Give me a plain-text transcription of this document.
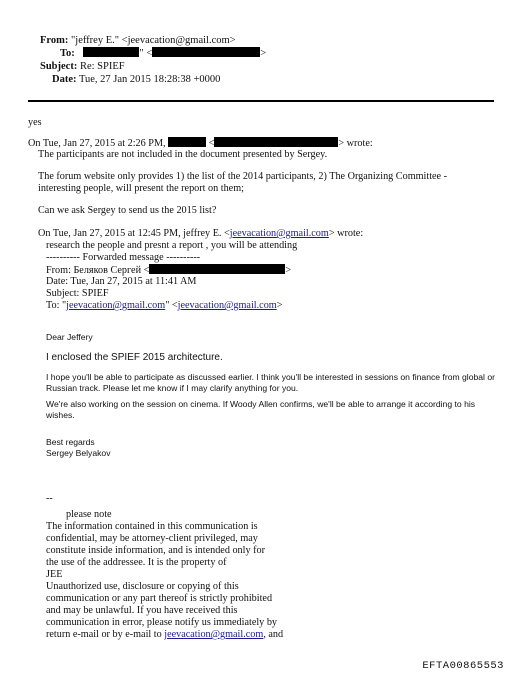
From: "jeffrey E." <jeevacation@gmail.com>
To:	" <	>
Subject: Re: SPIEF
Date: Tue, 27 Jan 2015 18:28:38 +0000
yes
On Tue, Jan 27, 2015 at 2:26 PM,	<	> wrote:
The participants are not included in the document presented by Sergey.
The forum website only provides 1) the list of the 2014 participants, 2) The Organizing Committee -
interesting people, will present the report on them;
Can we ask Sergey to send us the 2015 list?
On Tue, Jan 27, 2015 at 12:45 PM, jeffrey E. <jeevacation@gmail.com> wrote:
research the people and presnt a report , you will be attending
---------- Forwarded message ----------
From: Беляков Сергей <	>
Date: Tue, Jan 27, 2015 at 11:41 AM
Subject: SPIEF
To: "jeevacation@gmail.com" <jeevacation@gmail.com>
Dear Jeffery
I enclosed the SPIEF 2015 architecture.
I hope you'll be able to participate as discussed earlier. I think you'll be interested in sessions on finance from global or
Russian track. Please let me know if I may clarify anything for you.
We're also working on the session on cinema. If Woody Allen confirms, we'll be able to arrange it according to his
wishes.
Best regards
Sergey Belyakov
--
please note
The information contained in this communication is
confidential, may be attorney-client privileged, may
constitute inside information, and is intended only for
the use of the addressee. It is the property of
JEE
Unauthorized use, disclosure or copying of this
communication or any part thereof is strictly prohibited
and may be unlawful. If you have received this
communication in error, please notify us immediately by
return e-mail or by e-mail to jeevacation@gmail.com, and
EFTA00865553
